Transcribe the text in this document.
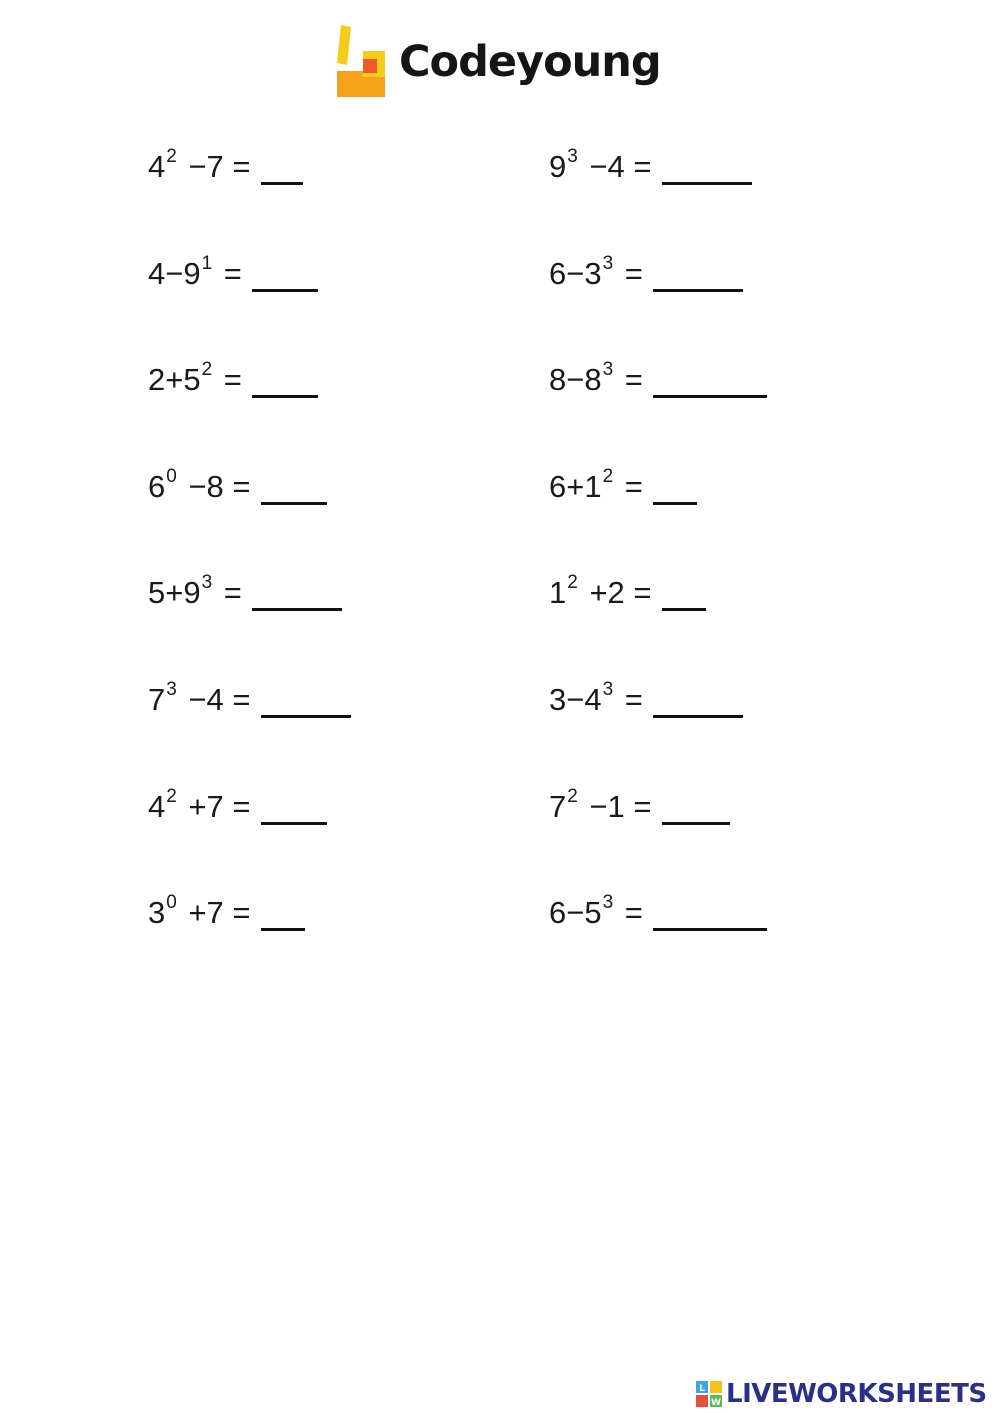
Codeyoung
$4^2 -7$ =
$4-9^1$ =
$2+5^2$ =
$6^0 -8$ =
$5+9^3$ =
$7^3 -4$ =
$4^2 +7$ =
$3^0 +7$ =
$9^3 -4$ =
$6-3^3$ =
$8-8^3$ =
$6+1^2$ =
$1^2 +2$ =
$3-4^3$ =
$7^2 -1$ =
$6-5^3$ =
L
W LIVEWORKSHEETS
